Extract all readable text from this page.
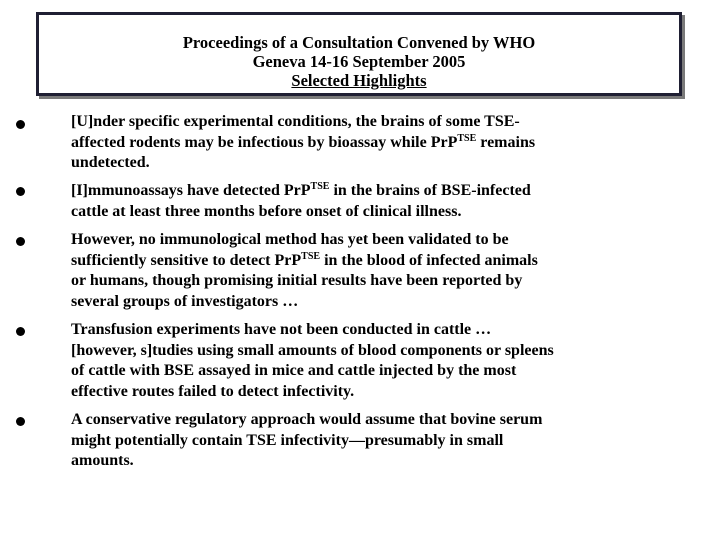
Proceedings of a Consultation Convened by WHO
Geneva 14-16 September 2005
Selected Highlights
[U]nder specific experimental conditions, the brains of some TSE-
affected rodents may be infectious by bioassay while PrP$^{TSE}$ remains
undetected.
[I]mmunoassays have detected PrP$^{TSE}$ in the brains of BSE-infected
cattle at least three months before onset of clinical illness.
However, no immunological method has yet been validated to be
sufficiently sensitive to detect PrP$^{TSE}$ in the blood of infected animals
or humans, though promising initial results have been reported by
several groups of investigators …
Transfusion experiments have not been conducted in cattle …
[however, s]tudies using small amounts of blood components or spleens
of cattle with BSE assayed in mice and cattle injected by the most
effective routes failed to detect infectivity.
A conservative regulatory approach would assume that bovine serum
might potentially contain TSE infectivity—presumably in small
amounts.
